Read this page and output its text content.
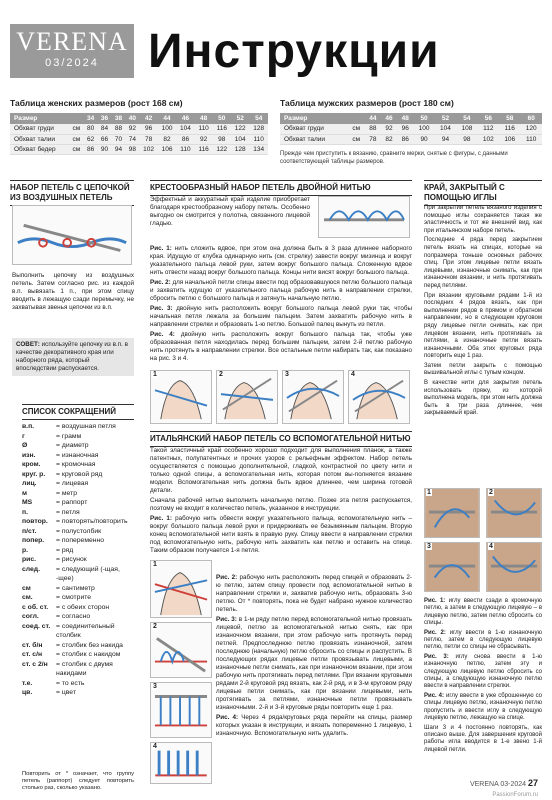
VERENA
03/2024	Инструкции
Таблица женских размеров (рост 168 см)
Размер		34	36	38	40	42	44	46	48	50	52	54
Обхват груди	см	80	84	88	92	96	100	104	110	116	122	128
Обхват талии	см	62	66	70	74	78	82	86	92	98	104	110
Обхват бедер	см	86	90	94	98	102	106	110	116	122	128	134
Таблица мужских размеров (рост 180 см)
Размер		44	46	48	50	52	54	56	58	60
Обхват груди	см	88	92	96	100	104	108	112	116	120
Обхват талии	см	78	82	86	90	94	98	102	106	110
Прежде чем приступить к вязанию, сравните мерки, снятые с фигуры, с данными соответствующей таблицы размеров.
НАБОР ПЕТЕЛЬ С ЦЕПОЧКОЙ ИЗ ВОЗДУШНЫХ ПЕТЕЛЬ
Выполнить цепочку из воздушных петель. Затем согласно рис. из каждой в.п. вывязать 1 п., при этом спицу вводить в лежащую сзади перемычку, не захватывая звенья цепочки из в.п.
СОВЕТ: используйте цепочку из в.п. в качестве декоративного края или наборного ряда, который впоследствии распускается.
СПИСОК СОКРАЩЕНИЙ
в.п.	= воздушная петля
г	= грамм
Ø	= диаметр
изн.	= изнаночная
кром.	= кромочная
круг. р.	= круговой ряд
лиц.	= лицевая
м	= метр
MS	= раппорт
п.	= петля
повтор.	= повторять/повторить
п/ст.	= полустолбик
попер.	= попеременно
р.	= ряд
рис.	= рисунок
след.	= следующий (-щая, -щее)
см	= сантиметр
см.	= смотрите
с об. ст.	= с обеих сторон
согл.	= согласно
соед. ст. = соединительный столбик
ст. б/н	= столбик без накида
ст. с/н	= столбик с накидом
ст. с 2/н	= столбик с двумя накидами
т.е.	= то есть
цв.	= цвет
Повторить от * означает, что группу петель (раппорт) следует повторить столько раз, сколько указано.
КРЕСТООБРАЗНЫЙ НАБОР ПЕТЕЛЬ ДВОЙНОЙ НИТЬЮ
Эффектный и аккуратный край изделие приобретает благодаря крестообразному набору петель. Особенно выгодно он смотрится у полотна, связанного лицевой гладью.

Рис. 1: нить сложить вдвое, при этом она должна быть в 3 раза длиннее наборного края. Идущую от клубка одинарную нить (см. стрелку) завести вокруг мизинца и вокруг указательного пальца левой руки, затем вокруг большого пальца. Сложенную вдвое нить отвести назад вокруг большого пальца. Концы нити висят вокруг большого пальца.

Рис. 2: для начальной петли спицы ввести под образовавшуюся петлю большого пальца и захватить идущую от указательного пальца рабочую нить в направлении стрелки, сбросить петлю с большого пальца и затянуть начальную петлю.

Рис. 3: двойную нить расположить вокруг большого пальца левой руки так, чтобы начальная петля лежала за большим пальцем. Затем захватить рабочую нить в направлении стрелки и образовать 1-ю петлю. Большой палец вынуть из петли.

Рис. 4: двойную нить расположить вокруг большого пальца так, чтобы уже образованная петля находилась перед большим пальцем, затем 2-й петлю рабочую нить протянуть в направлении стрелки. Все остальные петли набирать так, как показано на рис. 3 и 4.

1	2	3	4
ИТАЛЬЯНСКИЙ НАБОР ПЕТЕЛЬ СО ВСПОМОГАТЕЛЬНОЙ НИТЬЮ

Такой эластичный край особенно хорошо подходит для выполнения планок, а также патентных, полупатентных и прочих узоров с рельефным эффектом. Набор петель осуществляется с помощью дополнительной, гладкой, контрастной по цвету нити и только одной спицы, а вспомогательная нить, которая потом вы-полняется вязание модели. Вспомогательная нить должна быть вдвое длиннее, чем ширина готовой детали.

Сначала рабочей нитью выполнить начальную петлю. Позже эта петля распускается, поэтому не входит в количество петель, указанное в инструкции.

Рис. 1: рабочую нить обвести вокруг указательного пальца, вспомогательную нить – вокруг большого пальца левой руки и придерживать ее безымянным пальцем. Вторую конец вспомогательной нити взять в правую руку. Спицу ввести в направлении стрелки под вспомогательную нить, рабочую нить захватить как петлю и оставить на спице. Таким образом получается 1-я петля.

1
2
3
4

Рис. 2: рабочую нить расположить перед спицей и образовать 2-ю петлю, затем спицу провести под вспомогательной нитью в направлении стрелки и, захватив рабочую нить, образовать 3-ю петлю. От * повторять, пока не будет набрано нужное количество петель.

Рис. 3: в 1-м ряду петлю перед вспомогательной нитью провязать лицевой, петлю за вспомогательной нитью снять, как при изнаночном вязании, при этом рабочую нить протянуть перед петлей. Предпоследнюю петлю провязать изнаночной, затем последнюю (начальную) петлю сбросить со спицы и распустить. В последующих рядах лицевые петли провязывать лицевыми, а изнаночные петли снимать, как при изнаночном вязании, при этом рабочую нить протягивать перед петлями. При вязании круговыми рядами 2-й круговой ряд вязать, как 2-й ряд, и в 3-м круговом ряду лицевые петли снимать, как при вязании лицевыми, нить протягивать за петлями, изнаночные петли провязывать изнаночными. 2-й и 3-й круговые ряды повторить еще 1 раз.

Рис. 4: Через 4 ряда/круговых ряда перейти на спицы, размер которых указан в инструкции, и вязать попеременно 1 лицевую, 1 изнаночную. Вспомогательную нить удалить.

КРАЙ, ЗАКРЫТЫЙ С ПОМОЩЬЮ ИГЛЫ

При закрытии петель вязаного изделия с помощью иглы сохраняется такая же эластичность и тот же внешний вид, как при итальянском наборе петель.

Последние 4 ряда перед закрытием петель вязать на спицах, которые на полразмера тоньше основных рабочих спиц. При этом лицевые петли вязать лицевыми, изнаночные снимать, как при изнаночном вязании, и нить протягивать перед петлями.

При вязании круговыми рядами 1-й из последних 4 рядов вязать, как при выполнении рядов в прямом и обратном направлении, но в следующем круговом ряду лицевые петли снимать, как при лицевом вязании, нить протягивать за петлями, а изнаночные петли вязать изнаночными. Оба этих круговых ряда повторить еще 1 раз.

Затем петли закрыть с помощью вышивальной иглы с тупым концом.

В качестве нити для закрытия петель использовать пряжу, из которой выполнена модель, при этом нить должна быть в три раза длиннее, чем закрываемый край.

1	2
3	4

Рис. 1: иглу ввести сзади в кромочную петлю, а затем в следующую лицевую – в лицевую петлю, затем петлю сбросить со спицы.

Рис. 2: иглу ввести в 1-ю изнаночную петлю, затем в следующую лицевую петлю, петли со спицы не сбрасывать.

Рис. 3: иглу снова ввести в 1-ю изнаночную петлю, затем эту и следующую лицевую петлю сбросить со спицы, а следующую изнаночную петлю ввести в направлении стрелки.

Рис. 4: иглу ввести в уже сброшенную со спицы лицевую петлю, изнаночную петлю пропустить и ввести иглу в следующую лицевую петлю, лежащую на спице.

Шаги 3 и 4 постоянно повторять, как описано выше. Для завершения круговой работы игла вводится в 1-е звено 1-й лицевой петли.

VERENA 03-2024 27
PassionForum.ru
